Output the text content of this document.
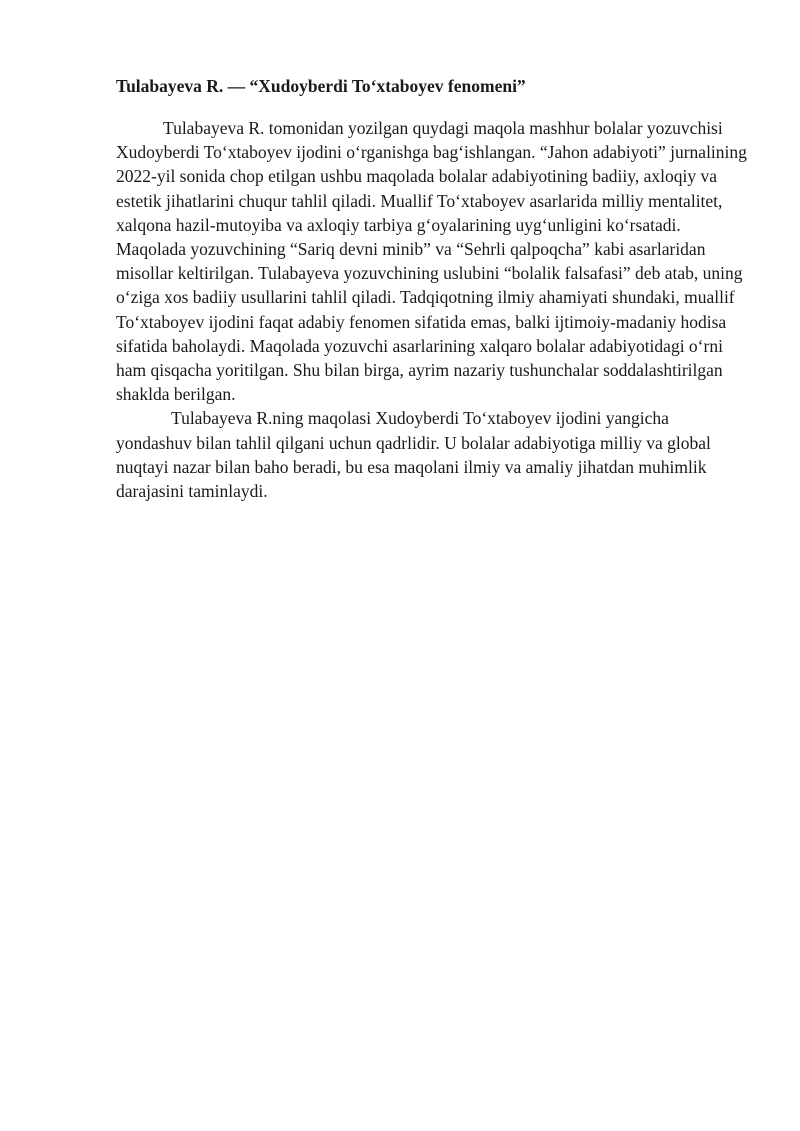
Tulabayeva R. — “Xudoyberdi To‘xtaboyev fenomeni”

Tulabayeva R. tomonidan yozilgan quydagi maqola mashhur bolalar yozuvchisi Xudoyberdi To‘xtaboyev ijodini o‘rganishga bag‘ishlangan. “Jahon adabiyoti” jurnalining 2022-yil sonida chop etilgan ushbu maqolada bolalar adabiyotining badiiy, axloqiy va estetik jihatlarini chuqur tahlil qiladi. Muallif To‘xtaboyev asarlarida milliy mentalitet, xalqona hazil-mutoyiba va axloqiy tarbiya g‘oyalarining uyg‘unligini ko‘rsatadi. Maqolada yozuvchining “Sariq devni minib” va “Sehrli qalpoqcha” kabi asarlaridan misollar keltirilgan. Tulabayeva yozuvchining uslubini “bolalik falsafasi” deb atab, uning o‘ziga xos badiiy usullarini tahlil qiladi. Tadqiqotning ilmiy ahamiyati shundaki, muallif To‘xtaboyev ijodini faqat adabiy fenomen sifatida emas, balki ijtimoiy-madaniy hodisa sifatida baholaydi. Maqolada yozuvchi asarlarining xalqaro bolalar adabiyotidagi o‘rni ham qisqacha yoritilgan. Shu bilan birga, ayrim nazariy tushunchalar soddalashtirilgan shaklda berilgan.

Tulabayeva R.ning maqolasi Xudoyberdi To‘xtaboyev ijodini yangicha yondashuv bilan tahlil qilgani uchun qadrlidir. U bolalar adabiyotiga milliy va global nuqtayi nazar bilan baho beradi, bu esa maqolani ilmiy va amaliy jihatdan muhimlik darajasini taminlaydi.
